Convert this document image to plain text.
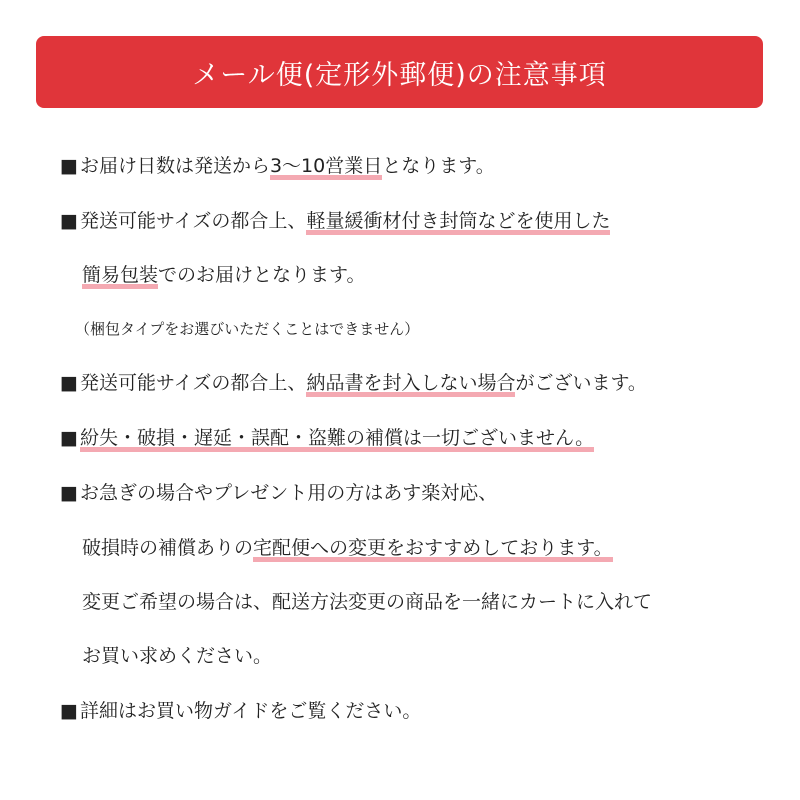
メール便(定形外郵便)の注意事項
■ お届け日数は発送から3〜10営業日となります。
■ 発送可能サイズの都合上、軽量緩衝材付き封筒などを使用した
簡易包装でのお届けとなります。
（梱包タイプをお選びいただくことはできません）
■ 発送可能サイズの都合上、納品書を封入しない場合がございます。
■ 紛失・破損・遅延・誤配・盗難の補償は一切ございません。
■ お急ぎの場合やプレゼント用の方はあす楽対応、
破損時の補償ありの宅配便への変更をおすすめしております。
変更ご希望の場合は、配送方法変更の商品を一緒にカートに入れて
お買い求めください。
■ 詳細はお買い物ガイドをご覧ください。
